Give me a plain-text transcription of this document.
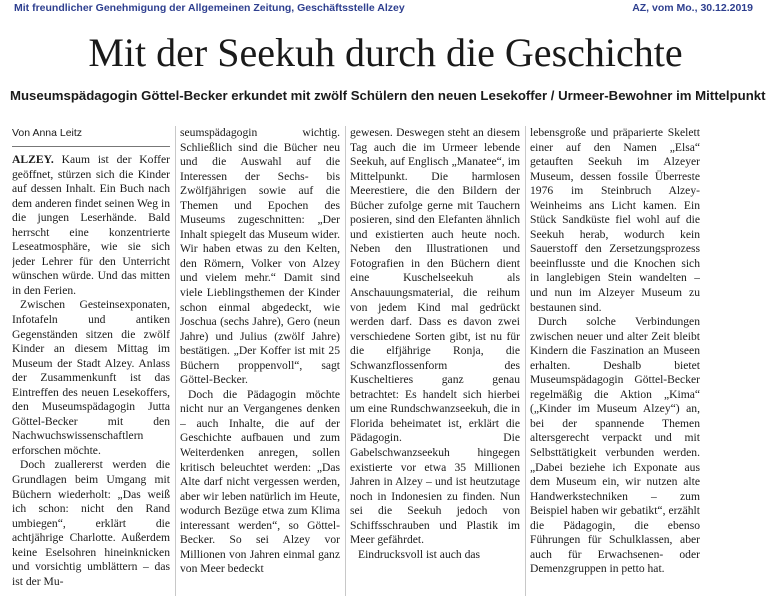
Mit freundlicher Genehmigung der Allgemeinen Zeitung, Geschäftsstelle Alzey	AZ, vom Mo., 30.12.2019
Mit der Seekuh durch die Geschichte
Museumspädagogin Göttel-Becker erkundet mit zwölf Schülern den neuen Lesekoffer / Urmeer-Bewohner im Mittelpunkt
Von Anna Leitz

ALZEY. Kaum ist der Koffer geöffnet, stürzen sich die Kinder auf dessen Inhalt. Ein Buch nach dem anderen findet seinen Weg in die jungen Leserhände. Bald herrscht eine konzentrierte Leseatmosphäre, wie sie sich jeder Lehrer für den Unterricht wünschen würde. Und das mitten in den Ferien.

Zwischen Gesteinsexponaten, Infotafeln und antiken Gegenständen sitzen die zwölf Kinder an diesem Mittag im Museum der Stadt Alzey. Anlass der Zusammenkunft ist das Eintreffen des neuen Lesekoffers, den Museumspädagogin Jutta Göttel-Becker mit den Nachwuchswissenschaftlern erforschen möchte.

Doch zuallererst werden die Grundlagen beim Umgang mit Büchern wiederholt: „Das weiß ich schon: nicht den Rand umbiegen“, erklärt die achtjährige Charlotte. Außerdem keine Eselsohren hineinknicken und vorsichtig umblättern – das ist der Mu-

seumspädagogin wichtig. Schließlich sind die Bücher neu und die Auswahl auf die Interessen der Sechs- bis Zwölfjährigen sowie auf die Themen und Epochen des Museums zugeschnitten: „Der Inhalt spiegelt das Museum wider. Wir haben etwas zu den Kelten, den Römern, Volker von Alzey und vielem mehr.“ Damit sind viele Lieblingsthemen der Kinder schon einmal abgedeckt, wie Joschua (sechs Jahre), Gero (neun Jahre) und Julius (zwölf Jahre) bestätigen. „Der Koffer ist mit 25 Büchern proppenvoll“, sagt Göttel-Becker.

Doch die Pädagogin möchte nicht nur an Vergangenes denken – auch Inhalte, die auf der Geschichte aufbauen und zum Weiterdenken anregen, sollen kritisch beleuchtet werden: „Das Alte darf nicht vergessen werden, aber wir leben natürlich im Heute, wodurch Bezüge etwa zum Klima interessant werden“, so Göttel-Becker. So sei Alzey vor Millionen von Jahren einmal ganz von Meer bedeckt

gewesen. Deswegen steht an diesem Tag auch die im Urmeer lebende Seekuh, auf Englisch „Manatee“, im Mittelpunkt. Die harmlosen Meerestiere, die den Bildern der Bücher zufolge gerne mit Tauchern posieren, sind den Elefanten ähnlich und existierten auch heute noch. Neben den Illustrationen und Fotografien in den Büchern dient eine Kuschelseekuh als Anschauungsmaterial, die reihum von jedem Kind mal gedrückt werden darf. Dass es davon zwei verschiedene Sorten gibt, ist nu für die elfjährige Ronja, die Schwanzflossenform des Kuscheltieres ganz genau betrachtet: Es handelt sich hierbei um eine Rundschwanzseekuh, die in Florida beheimatet ist, erklärt die Pädagogin. Die Gabelschwanzseekuh hingegen existierte vor etwa 35 Millionen Jahren in Alzey – und ist heutzutage noch in Indonesien zu finden. Nun sei die Seekuh jedoch von Schiffsschrauben und Plastik im Meer gefährdet.

Eindrucksvoll ist auch das

lebensgroße und präparierte Skelett einer auf den Namen „Elsa“ getauften Seekuh im Alzeyer Museum, dessen fossile Überreste 1976 im Steinbruch Alzey-Weinheims ans Licht kamen. Ein Stück Sandküste fiel wohl auf die Seekuh herab, wodurch kein Sauerstoff den Zersetzungsprozess beeinflusste und die Knochen sich in langlebigen Stein wandelten – und nun im Alzeyer Museum zu bestaunen sind.

Durch solche Verbindungen zwischen neuer und alter Zeit bleibt Kindern die Faszination an Museen erhalten. Deshalb bietet Museumspädagogin Göttel-Becker regelmäßig die Aktion „Kima“ („Kinder im Museum Alzey“) an, bei der spannende Themen altersgerecht verpackt und mit Selbsttätigkeit verbunden werden. „Dabei beziehe ich Exponate aus dem Museum ein, wir nutzen alte Handwerkstechniken – zum Beispiel haben wir gebatikt“, erzählt die Pädagogin, die ebenso Führungen für Schulklassen, aber auch für Erwachsenen- oder Demenzgruppen in petto hat.
